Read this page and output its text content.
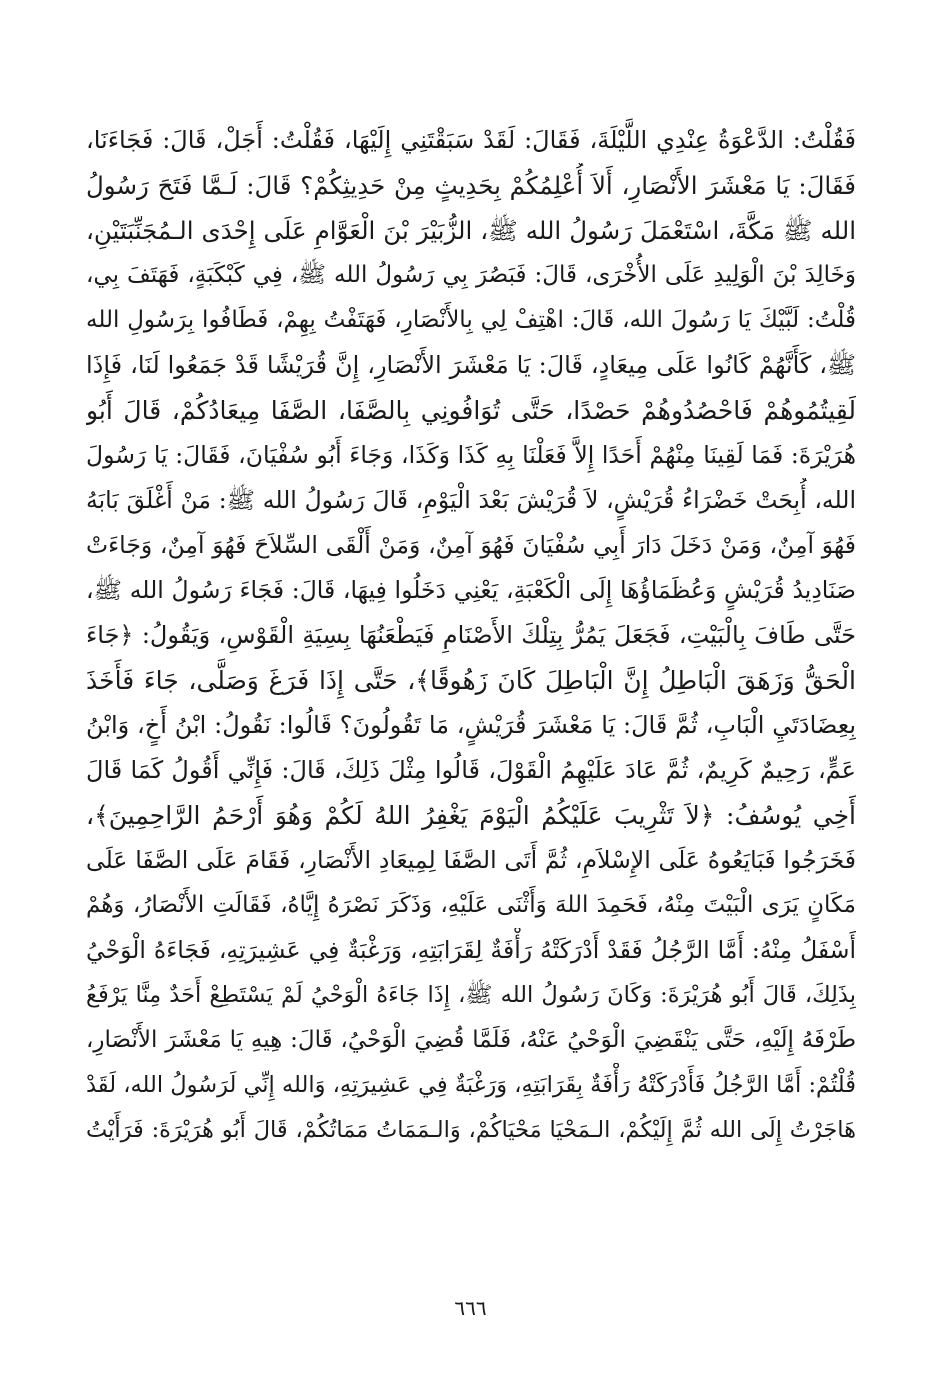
فَقُلْتُ: الدَّعْوَةُ عِنْدِي اللَّيْلَةَ، فَقَالَ: لَقَدْ سَبَقْتَنِي إِلَيْهَا، فَقُلْتُ: أَجَلْ، قَالَ: فَجَاءَنَا،
فَقَالَ: يَا مَعْشَرَ الأَنْصَارِ، أَلاَ أُعْلِمُكُمْ بِحَدِيثٍ مِنْ حَدِيثِكُمْ؟ قَالَ: لَـمَّا فَتَحَ رَسُولُ
الله ﷺ مَكَّةَ، اسْتَعْمَلَ رَسُولُ الله ﷺ، الزُّبَيْرَ بْنَ الْعَوَّامِ عَلَى إِحْدَى الـمُجَنِّبَتَيْنِ،
وَخَالِدَ بْنَ الْوَلِيدِ عَلَى الأُخْرَى، قَالَ: فَبَصُرَ بِي رَسُولُ الله ﷺ، فِي كَبْكَبَةٍ، فَهَتَفَ بِي،
قُلْتُ: لَبَّيْكَ يَا رَسُولَ الله، قَالَ: اهْتِفْ لِي بِالأَنْصَارِ، فَهَتَفْتُ بِهِمْ، فَطَافُوا بِرَسُولِ الله
ﷺ، كَأَنَّهُمْ كَانُوا عَلَى مِيعَادٍ، قَالَ: يَا مَعْشَرَ الأَنْصَارِ، إِنَّ قُرَيْشًا قَدْ جَمَعُوا لَنَا، فَإِذَا
لَقِيتُمُوهُمْ فَاحْصُدُوهُمْ حَصْدًا، حَتَّى تُوَافُونِي بِالصَّفَا، الصَّفَا مِيعَادُكُمْ، قَالَ أَبُو
هُرَيْرَةَ: فَمَا لَقِينَا مِنْهُمْ أَحَدًا إِلاَّ فَعَلْنَا بِهِ كَذَا وَكَذَا، وَجَاءَ أَبُو سُفْيَانَ، فَقَالَ: يَا رَسُولَ
الله، أُبِحَتْ خَضْرَاءُ قُرَيْشٍ، لاَ قُرَيْشَ بَعْدَ الْيَوْمِ، قَالَ رَسُولُ الله ﷺ: مَنْ أَغْلَقَ بَابَهُ
فَهُوَ آمِنٌ، وَمَنْ دَخَلَ دَارَ أَبِي سُفْيَانَ فَهُوَ آمِنٌ، وَمَنْ أَلْقَى السِّلاَحَ فَهُوَ آمِنٌ، وَجَاءَتْ
صَنَادِيدُ قُرَيْشٍ وَعُظَمَاؤُهَا إِلَى الْكَعْبَةِ، يَعْنِي دَخَلُوا فِيهَا، قَالَ: فَجَاءَ رَسُولُ الله ﷺ،
حَتَّى طَافَ بِالْبَيْتِ، فَجَعَلَ يَمُرُّ بِتِلْكَ الأَصْنَامِ فَيَطْعَنُهَا بِسِيَةِ الْقَوْسِ، وَيَقُولُ: ﴿جَاءَ
الْحَقُّ وَزَهَقَ الْبَاطِلُ إِنَّ الْبَاطِلَ كَانَ زَهُوقًا﴾، حَتَّى إِذَا فَرَغَ وَصَلَّى، جَاءَ فَأَخَذَ
بِعِضَادَتَيِ الْبَابِ، ثُمَّ قَالَ: يَا مَعْشَرَ قُرَيْشٍ، مَا تَقُولُونَ؟ قَالُوا: نَقُولُ: ابْنُ أَخٍ، وَابْنُ
عَمٍّ، رَحِيمٌ كَرِيمٌ، ثُمَّ عَادَ عَلَيْهِمُ الْقَوْلَ، قَالُوا مِثْلَ ذَلِكَ، قَالَ: فَإِنِّي أَقُولُ كَمَا قَالَ
أَخِي يُوسُفُ: ﴿لاَ تَثْرِيبَ عَلَيْكُمُ الْيَوْمَ يَغْفِرُ اللهُ لَكُمْ وَهُوَ أَرْحَمُ الرَّاحِمِينَ﴾،
فَخَرَجُوا فَبَايَعُوهُ عَلَى الإِسْلاَمِ، ثُمَّ أَتَى الصَّفَا لِمِيعَادِ الأَنْصَارِ، فَقَامَ عَلَى الصَّفَا عَلَى
مَكَانٍ يَرَى الْبَيْتَ مِنْهُ، فَحَمِدَ اللهَ وَأَثْنَى عَلَيْهِ، وَذَكَرَ نَصْرَهُ إِيَّاهُ، فَقَالَتِ الأَنْصَارُ، وَهُمْ
أَسْفَلُ مِنْهُ: أَمَّا الرَّجُلُ فَقَدْ أَدْرَكَتْهُ رَأْفَةٌ لِقَرَابَتِهِ، وَرَغْبَةٌ فِي عَشِيرَتِهِ، فَجَاءَهُ الْوَحْيُ
بِذَلِكَ، قَالَ أَبُو هُرَيْرَةَ: وَكَانَ رَسُولُ الله ﷺ، إِذَا جَاءَهُ الْوَحْيُ لَمْ يَسْتَطِعْ أَحَدٌ مِنَّا يَرْفَعُ
طَرْفَهُ إِلَيْهِ، حَتَّى يَنْقَضِيَ الْوَحْيُ عَنْهُ، فَلَمَّا قُضِيَ الْوَحْيُ، قَالَ: هِيهِ يَا مَعْشَرَ الأَنْصَارِ،
قُلْتُمْ: أَمَّا الرَّجُلُ فَأَدْرَكَتْهُ رَأْفَةٌ بِقَرَابَتِهِ، وَرَغْبَةٌ فِي عَشِيرَتِهِ، وَالله إِنِّي لَرَسُولُ الله، لَقَدْ
هَاجَرْتُ إِلَى الله ثُمَّ إِلَيْكُمْ، الـمَحْيَا مَحْيَاكُمْ، وَالـمَمَاتُ مَمَاتُكُمْ، قَالَ أَبُو هُرَيْرَةَ: فَرَأَيْتُ
٦٦٦
